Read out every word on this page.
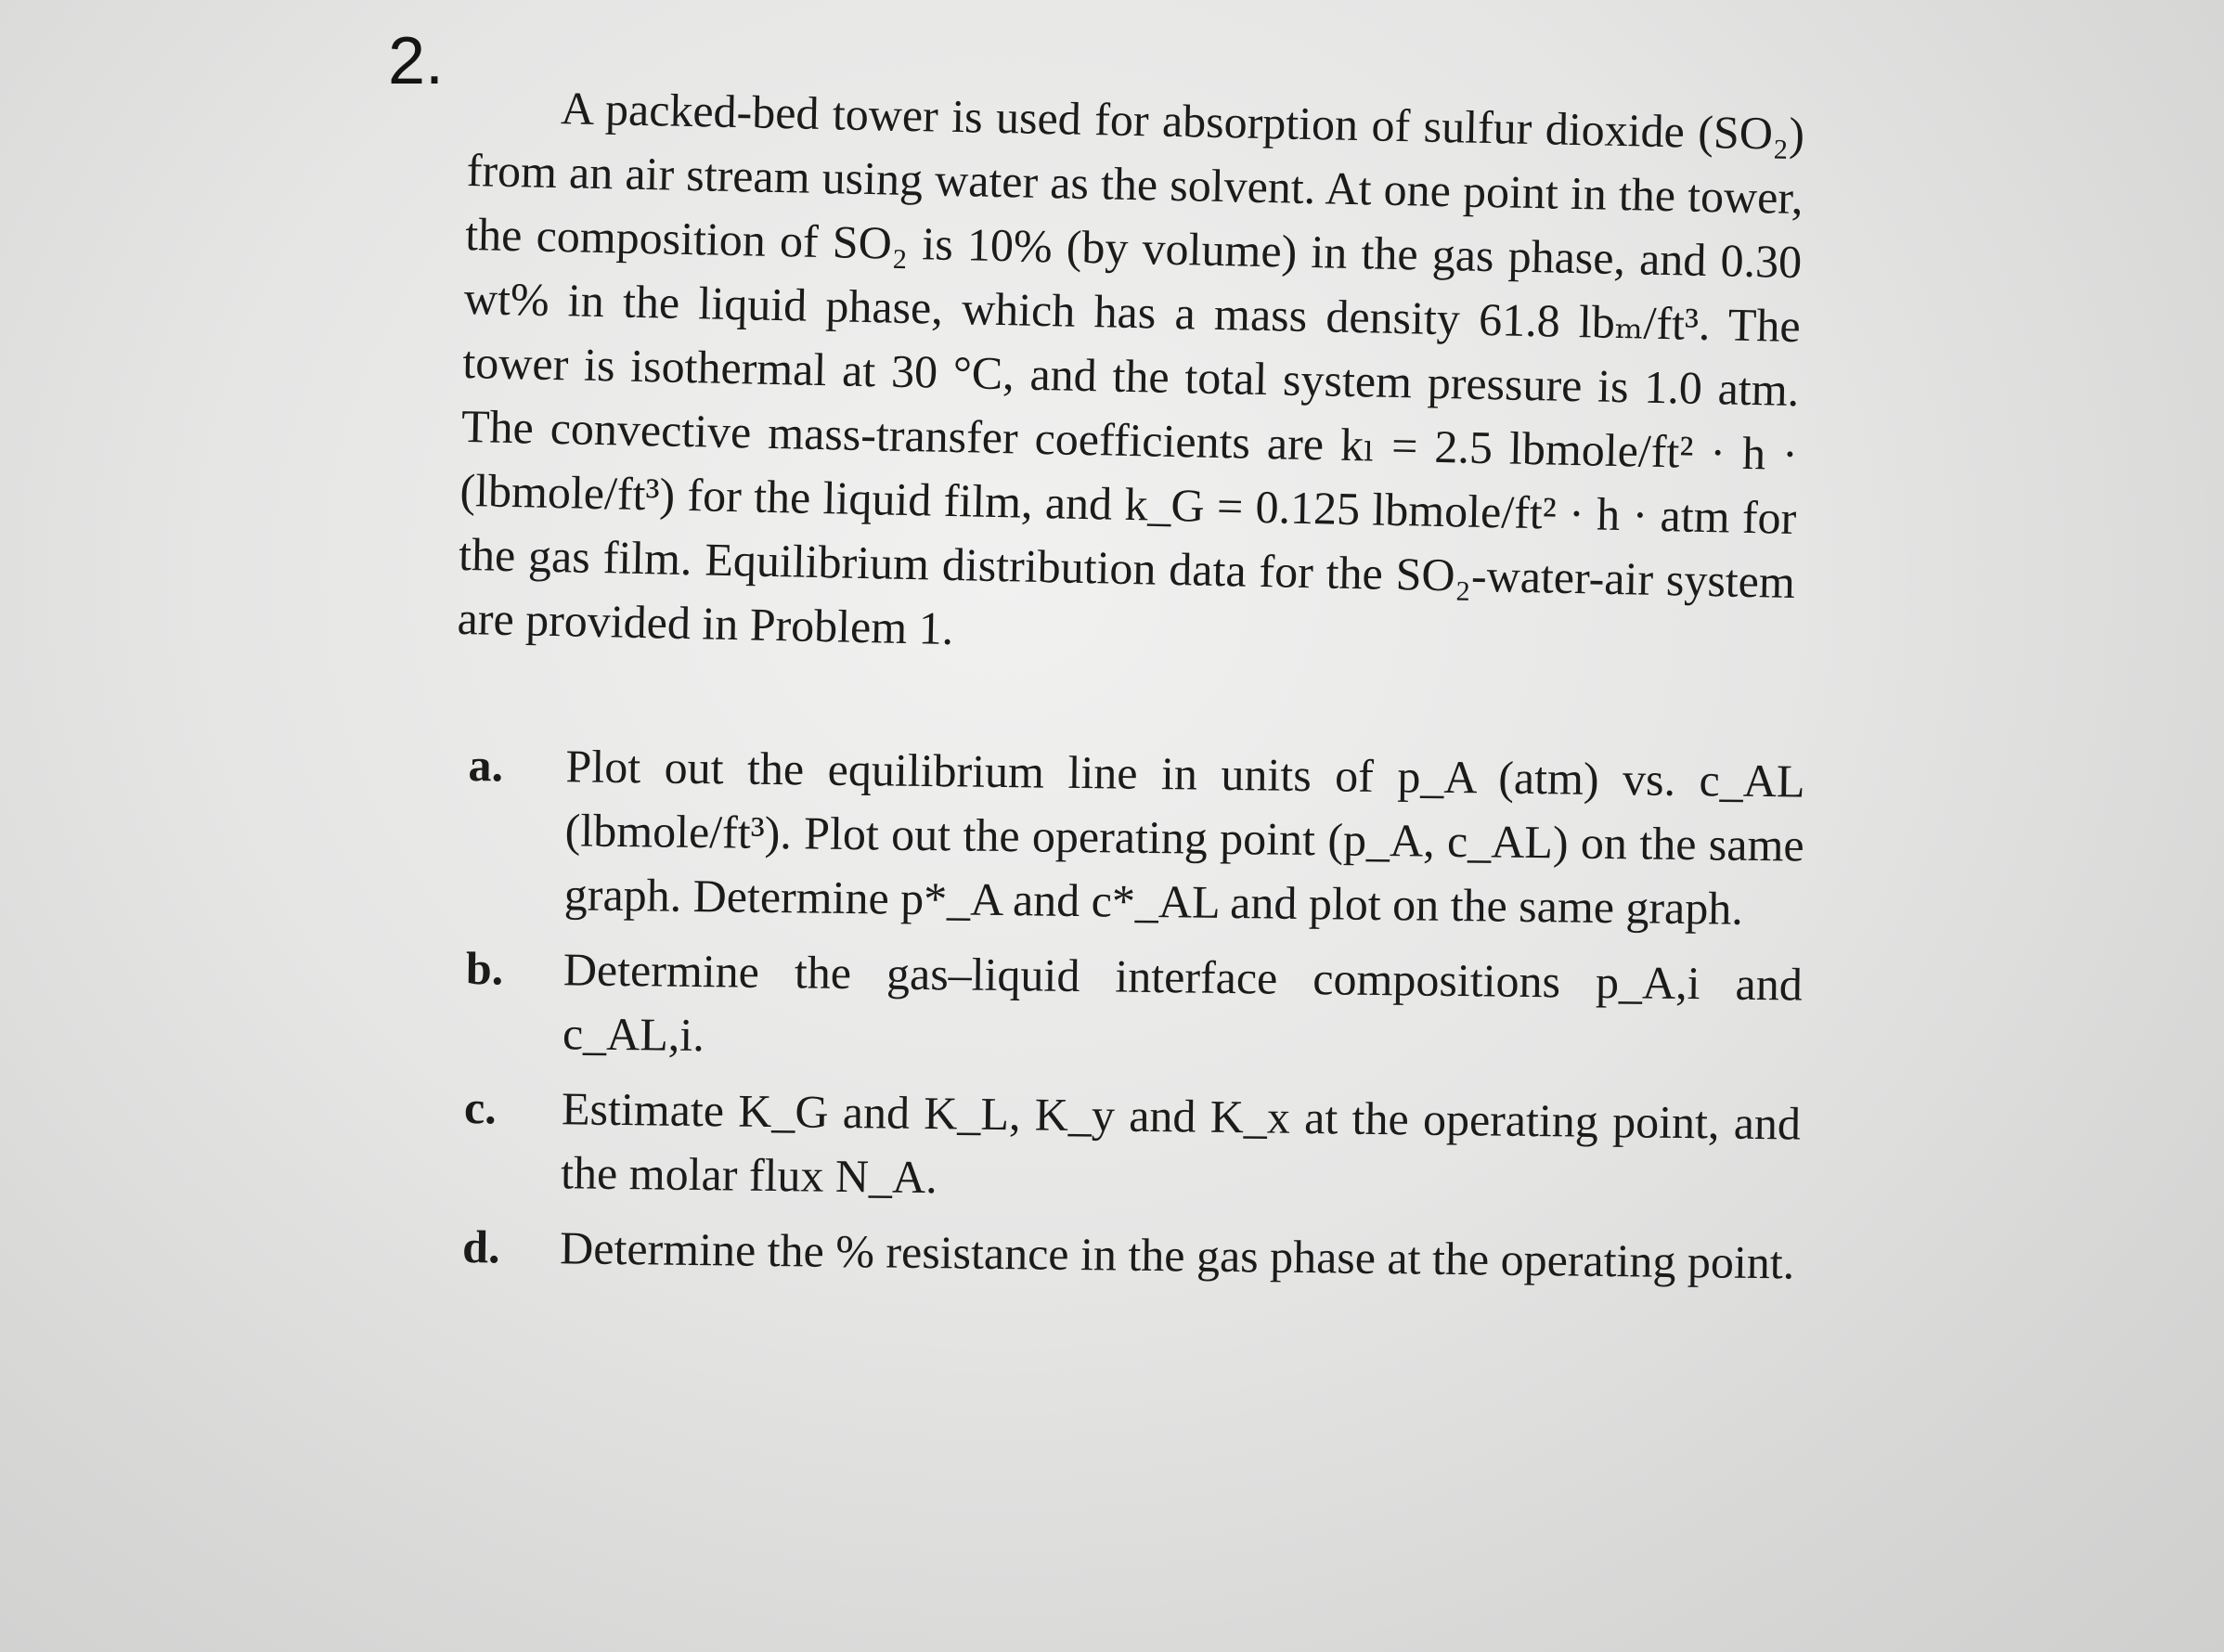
2.

A packed-bed tower is used for absorption of sulfur dioxide (SO₂) from an air stream using water as the solvent. At one point in the tower, the composition of SO₂ is 10% (by volume) in the gas phase, and 0.30 wt% in the liquid phase, which has a mass density 61.8 lbₘ/ft³. The tower is isothermal at 30 °C, and the total system pressure is 1.0 atm. The convective mass-transfer coefficients are kₗ = 2.5 lbmole/ft² · h · (lbmole/ft³) for the liquid film, and k_G = 0.125 lbmole/ft² · h · atm for the gas film. Equilibrium distribution data for the SO₂-water-air system are provided in Problem 1.

a.	Plot out the equilibrium line in units of p_A (atm) vs. c_AL (lbmole/ft³). Plot out the operating point (p_A, c_AL) on the same graph. Determine p*_A and c*_AL and plot on the same graph.
b.	Determine the gas–liquid interface compositions p_A,i and c_AL,i.
c.	Estimate K_G and K_L, K_y and K_x at the operating point, and the molar flux N_A.
d.	Determine the % resistance in the gas phase at the operating point.
